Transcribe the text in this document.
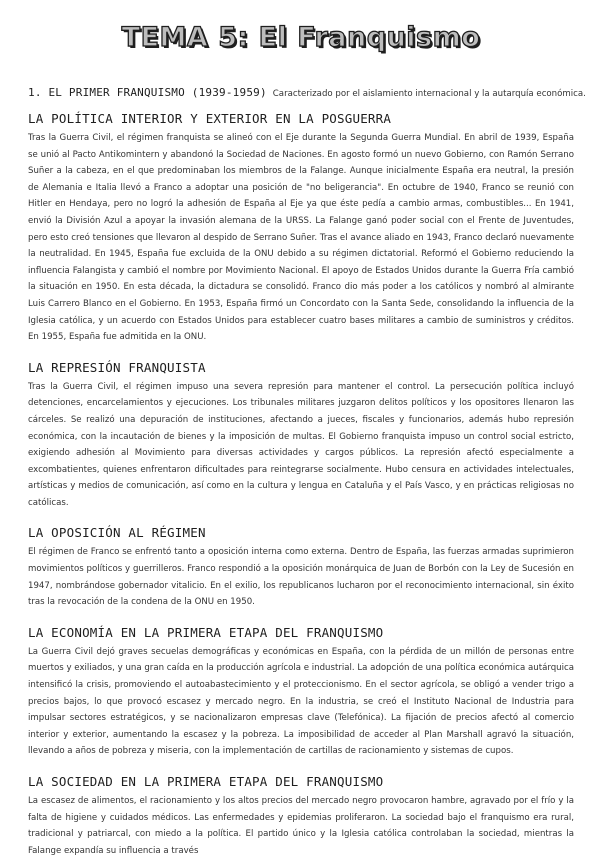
TEMA 5: El Franquismo
1. EL PRIMER FRANQUISMO (1939-1959) Caracterizado por el aislamiento internacional y la autarquía económica.
LA POLÍTICA INTERIOR Y EXTERIOR EN LA POSGUERRA

Tras la Guerra Civil, el régimen franquista se alineó con el Eje durante la Segunda Guerra Mundial. En abril de 1939, España se unió al Pacto Antikomintern y abandonó la Sociedad de Naciones. En agosto formó un nuevo Gobierno, con Ramón Serrano Suñer a la cabeza, en el que predominaban los miembros de la Falange. Aunque inicialmente España era neutral, la presión de Alemania e Italia llevó a Franco a adoptar una posición de "no beligerancia". En octubre de 1940, Franco se reunió con Hitler en Hendaya, pero no logró la adhesión de España al Eje ya que éste pedía a cambio armas, combustibles... En 1941, envió la División Azul a apoyar la invasión alemana de la URSS. La Falange ganó poder social con el Frente de Juventudes, pero esto creó tensiones que llevaron al despido de Serrano Suñer. Tras el avance aliado en 1943, Franco declaró nuevamente la neutralidad. En 1945, España fue excluida de la ONU debido a su régimen dictatorial. Reformó el Gobierno reduciendo la influencia Falangista y cambió el nombre por Movimiento Nacional. El apoyo de Estados Unidos durante la Guerra Fría cambió la situación en 1950. En esta década, la dictadura se consolidó. Franco dio más poder a los católicos y nombró al almirante Luis Carrero Blanco en el Gobierno. En 1953, España firmó un Concordato con la Santa Sede, consolidando la influencia de la Iglesia católica, y un acuerdo con Estados Unidos para establecer cuatro bases militares a cambio de suministros y créditos. En 1955, España fue admitida en la ONU.

LA REPRESIÓN FRANQUISTA

Tras la Guerra Civil, el régimen impuso una severa represión para mantener el control. La persecución política incluyó detenciones, encarcelamientos y ejecuciones. Los tribunales militares juzgaron delitos políticos y los opositores llenaron las cárceles. Se realizó una depuración de instituciones, afectando a jueces, fiscales y funcionarios, además hubo represión económica, con la incautación de bienes y la imposición de multas. El Gobierno franquista impuso un control social estricto, exigiendo adhesión al Movimiento para diversas actividades y cargos públicos. La represión afectó especialmente a excombatientes, quienes enfrentaron dificultades para reintegrarse socialmente. Hubo censura en actividades intelectuales, artísticas y medios de comunicación, así como en la cultura y lengua en Cataluña y el País Vasco, y en prácticas religiosas no católicas.

LA OPOSICIÓN AL RÉGIMEN

El régimen de Franco se enfrentó tanto a oposición interna como externa. Dentro de España, las fuerzas armadas suprimieron movimientos políticos y guerrilleros. Franco respondió a la oposición monárquica de Juan de Borbón con la Ley de Sucesión en 1947, nombrándose gobernador vitalicio. En el exilio, los republicanos lucharon por el reconocimiento internacional, sin éxito tras la revocación de la condena de la ONU en 1950.

LA ECONOMÍA EN LA PRIMERA ETAPA DEL FRANQUISMO

La Guerra Civil dejó graves secuelas demográficas y económicas en España, con la pérdida de un millón de personas entre muertos y exiliados, y una gran caída en la producción agrícola e industrial. La adopción de una política económica autárquica intensificó la crisis, promoviendo el autoabastecimiento y el proteccionismo. En el sector agrícola, se obligó a vender trigo a precios bajos, lo que provocó escasez y mercado negro. En la industria, se creó el Instituto Nacional de Industria para impulsar sectores estratégicos, y se nacionalizaron empresas clave (Telefónica). La fijación de precios afectó al comercio interior y exterior, aumentando la escasez y la pobreza. La imposibilidad de acceder al Plan Marshall agravó la situación, llevando a años de pobreza y miseria, con la implementación de cartillas de racionamiento y sistemas de cupos.

LA SOCIEDAD EN LA PRIMERA ETAPA DEL FRANQUISMO

La escasez de alimentos, el racionamiento y los altos precios del mercado negro provocaron hambre, agravado por el frío y la falta de higiene y cuidados médicos. Las enfermedades y epidemias proliferaron. La sociedad bajo el franquismo era rural, tradicional y patriarcal, con miedo a la política. El partido único y la Iglesia católica controlaban la sociedad, mientras la Falange expandía su influencia a través
